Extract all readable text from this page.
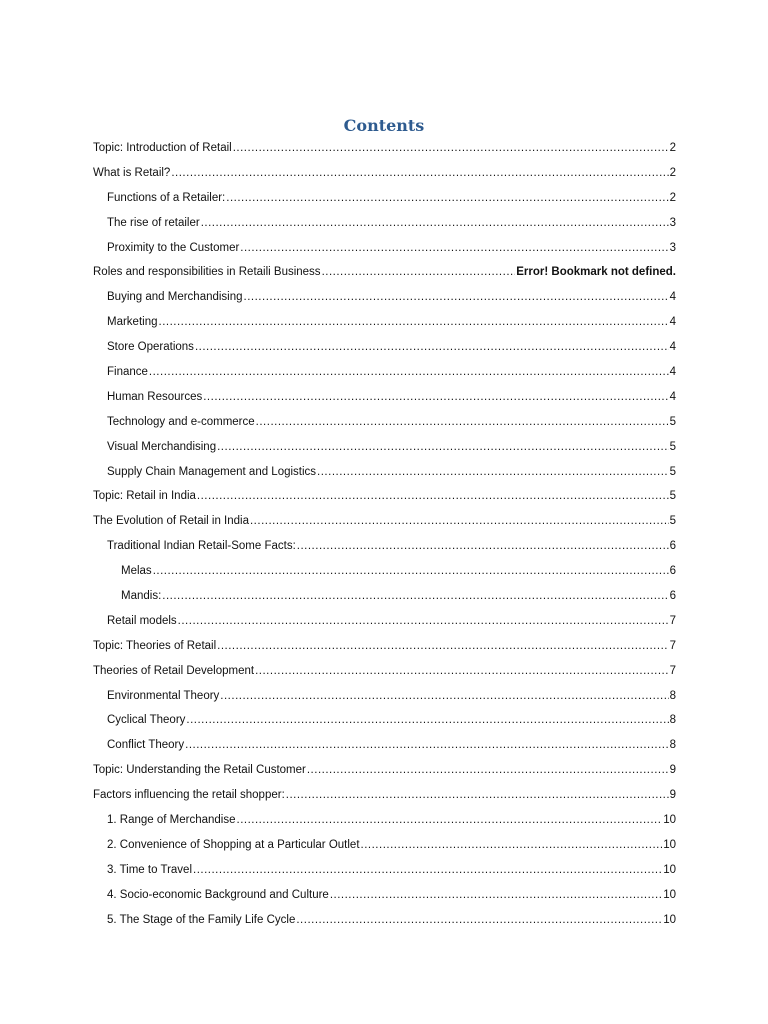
Contents
Topic: Introduction of Retail .....	2
What is Retail? .....	2
Functions of a Retailer: .....	2
The rise of retailer .....	3
Proximity to the Customer .....	3
Roles and responsibilities in Retaili Business .....	Error! Bookmark not defined.
Buying and Merchandising .....	4
Marketing .....	4
Store Operations .....	4
Finance .....	4
Human Resources .....	4
Technology and e-commerce .....	5
Visual Merchandising .....	5
Supply Chain Management and Logistics .....	5
Topic: Retail in India .....	5
The Evolution of Retail in India .....	5
Traditional Indian Retail-Some Facts: .....	6
Melas .....	6
Mandis: .....	6
Retail models .....	7
Topic: Theories of Retail .....	7
Theories of Retail Development .....	7
Environmental Theory .....	8
Cyclical Theory .....	8
Conflict Theory .....	8
Topic: Understanding the Retail Customer .....	9
Factors influencing the retail shopper: .....	9
1. Range of Merchandise .....	10
2. Convenience of Shopping at a Particular Outlet .....	10
3. Time to Travel .....	10
4. Socio-economic Background and Culture .....	10
5. The Stage of the Family Life Cycle .....	10
